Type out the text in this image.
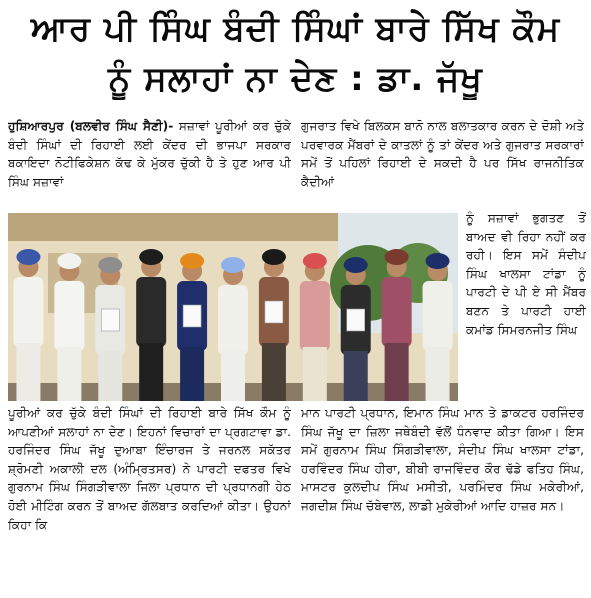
ਆਰ ਪੀ ਸਿੰਘ ਬੰਦੀ ਸਿੰਘਾਂ ਬਾਰੇ ਸਿੱਖ ਕੌਮ
ਨੂੰ ਸਲਾਹਾਂ ਨਾ ਦੇਣ : ਡਾ. ਜੱਖੂ

ਹੁਸ਼ਿਆਰਪੁਰ (ਬਲਵੀਰ ਸਿੰਘ ਸੈਣੀ)- ਸਜ਼ਾਵਾਂ ਪੂਰੀਆਂ ਕਰ ਚੁੱਕੇ ਬੰਦੀ ਸਿੰਘਾਂ ਦੀ ਰਿਹਾਈ ਲਈ ਕੇਂਦਰ ਦੀ ਭਾਜਪਾ ਸਰਕਾਰ ਬਕਾਇਦਾ ਨੋਟੀਫਿਕੇਸ਼ਨ ਕੱਢ ਕੇ ਮੁੱਕਰ ਚੁੱਕੀ ਹੈ ਤੇ ਹੁਣ ਆਰ ਪੀ ਸਿੰਘ ਸਜ਼ਾਵਾਂ

ਗੁਜਰਾਤ ਵਿਖੇ ਬਿਲਕਸ ਬਾਨੋ ਨਾਲ ਬਲਾਤਕਾਰ ਕਰਨ ਦੇ ਦੋਸ਼ੀ ਅਤੇ ਪਰਵਾਰਕ ਮੈਂਬਰਾਂ ਦੇ ਕਾਤਲਾਂ ਨੂੰ ਤਾਂ ਕੇਂਦਰ ਅਤੇ ਗੁਜਰਾਤ ਸਰਕਾਰਾਂ ਸਮੇਂ ਤੋਂ ਪਹਿਲਾਂ ਰਿਹਾਈ ਦੇ ਸਕਦੀ ਹੈ ਪਰ ਸਿੱਖ ਰਾਜਨੀਤਿਕ ਕੈਦੀਆਂ

ਨੂੰ ਸਜ਼ਾਵਾਂ ਭੁਗਤਣ ਤੋਂ ਬਾਅਦ ਵੀ ਰਿਹਾ ਨਹੀਂ ਕਰ ਰਹੀ। ਇਸ ਸਮੇਂ ਸੰਦੀਪ ਸਿੰਘ ਖਾਲਸਾ ਟਾਂਡਾ ਨੂੰ ਪਾਰਟੀ ਦੇ ਪੀ ਏ ਸੀ ਮੈਂਬਰ ਬਣਨ ਤੇ ਪਾਰਟੀ ਹਾਈ ਕਮਾਂਡ ਸਿਮਰਨਜੀਤ ਸਿੰਘ

ਪੂਰੀਆਂ ਕਰ ਚੁੱਕੇ ਬੰਦੀ ਸਿੰਘਾਂ ਦੀ ਰਿਹਾਈ ਬਾਰੇ ਸਿੱਖ ਕੌਮ ਨੂੰ ਆਪਣੀਆਂ ਸਲਾਹਾਂ ਨਾ ਦੇਣ। ਇਹਨਾਂ ਵਿਚਾਰਾਂ ਦਾ ਪ੍ਰਗਟਾਵਾ ਡਾ. ਹਰਜਿੰਦਰ ਸਿੰਘ ਜੱਖੂ ਦੁਆਬਾ ਇੰਚਾਰਜ ਤੇ ਜਰਨਲ ਸਕੱਤਰ ਸ਼੍ਰੋਮਣੀ ਅਕਾਲੀ ਦਲ (ਅੰਮ੍ਰਿਤਸਰ) ਨੇ ਪਾਰਟੀ ਦਫਤਰ ਵਿਖੇ ਗੁਰਨਾਮ ਸਿੰਘ ਸਿੰਗੜੀਵਾਲਾ ਜਿਲਾ ਪ੍ਰਧਾਨ ਦੀ ਪ੍ਰਧਾਨਗੀ ਹੇਠ ਹੋਈ ਮੀਟਿੰਗ ਕਰਨ ਤੋਂ ਬਾਅਦ ਗੱਲਬਾਤ ਕਰਦਿਆਂ ਕੀਤਾ। ਉਹਨਾਂ ਕਿਹਾ ਕਿ

ਮਾਨ ਪਾਰਟੀ ਪ੍ਰਧਾਨ, ਇਮਾਨ ਸਿੰਘ ਮਾਨ ਤੇ ਡਾਕਟਰ ਹਰਜਿੰਦਰ ਸਿੰਘ ਜੱਖੂ ਦਾ ਜ਼ਿਲਾ ਜਥੇਬੰਦੀ ਵੱਲੋਂ ਧੰਨਵਾਦ ਕੀਤਾ ਗਿਆ। ਇਸ ਸਮੇਂ ਗੁਰਨਾਮ ਸਿੰਘ ਸਿੰਗੜੀਵਾਲਾ, ਸੰਦੀਪ ਸਿੰਘ ਖਾਲਸਾ ਟਾਂਡਾ, ਹਰਵਿੰਦਰ ਸਿੰਘ ਹੀਰਾ, ਬੀਬੀ ਰਾਜਵਿੰਦਰ ਕੌਰ ਢੱਡੇ ਫਤਿਹ ਸਿੰਘ, ਮਾਸਟਰ ਕੁਲਦੀਪ ਸਿੰਘ ਮਸੀਤੀ, ਪਰਮਿੰਦਰ ਸਿੰਘ ਮਕੇਰੀਆਂ, ਜਗਦੀਸ਼ ਸਿੰਘ ਚੱਬੇਵਾਲ, ਲਾਡੀ ਮੁਕੇਰੀਆਂ ਆਦਿ ਹਾਜ਼ਰ ਸਨ।
